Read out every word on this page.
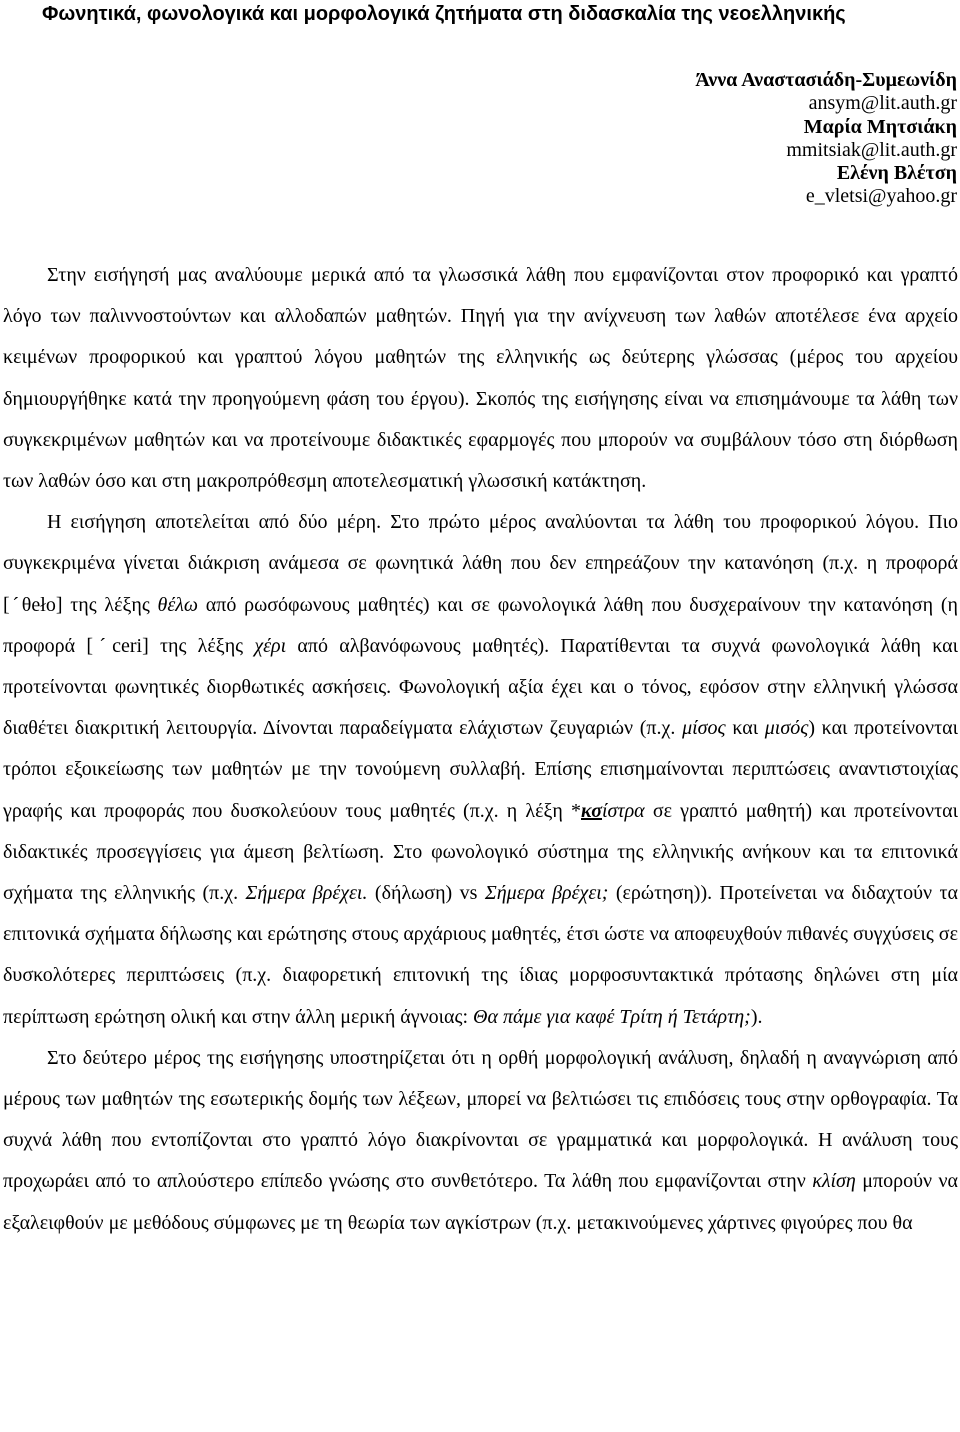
Φωνητικά, φωνολογικά και μορφολογικά ζητήματα στη διδασκαλία της νεοελληνικής
Άννα Αναστασιάδη-Συμεωνίδη
ansym@lit.auth.gr
Μαρία Μητσιάκη
mmitsiak@lit.auth.gr
Ελένη Βλέτση
e_vletsi@yahoo.gr

Στην εισήγησή μας αναλύουμε μερικά από τα γλωσσικά λάθη που εμφανίζονται στον προφορικό και γραπτό λόγο των παλιννοστούντων και αλλοδαπών μαθητών. Πηγή για την ανίχνευση των λαθών αποτέλεσε ένα αρχείο κειμένων προφορικού και γραπτού λόγου μαθητών της ελληνικής ως δεύτερης γλώσσας (μέρος του αρχείου δημιουργήθηκε κατά την προηγούμενη φάση του έργου). Σκοπός της εισήγησης είναι να επισημάνουμε τα λάθη των συγκεκριμένων μαθητών και να προτείνουμε διδακτικές εφαρμογές που μπορούν να συμβάλουν τόσο στη διόρθωση των λαθών όσο και στη μακροπρόθεσμη αποτελεσματική γλωσσική κατάκτηση.

Η εισήγηση αποτελείται από δύο μέρη. Στο πρώτο μέρος αναλύονται τα λάθη του προφορικού λόγου. Πιο συγκεκριμένα γίνεται διάκριση ανάμεσα σε φωνητικά λάθη που δεν επηρεάζουν την κατανόηση (π.χ. η προφορά [ˊθełο] της λέξης θέλω από ρωσόφωνους μαθητές) και σε φωνολογικά λάθη που δυσχεραίνουν την κατανόηση (η προφορά [ˊceri] της λέξης χέρι από αλβανόφωνους μαθητές). Παρατίθενται τα συχνά φωνολογικά λάθη και προτείνονται φωνητικές διορθωτικές ασκήσεις. Φωνολογική αξία έχει και ο τόνος, εφόσον στην ελληνική γλώσσα διαθέτει διακριτική λειτουργία. Δίνονται παραδείγματα ελάχιστων ζευγαριών (π.χ. μίσος και μισός) και προτείνονται τρόποι εξοικείωσης των μαθητών με την τονούμενη συλλαβή. Επίσης επισημαίνονται περιπτώσεις αναντιστοιχίας γραφής και προφοράς που δυσκολεύουν τους μαθητές (π.χ. η λέξη *κσίστρα σε γραπτό μαθητή) και προτείνονται διδακτικές προσεγγίσεις για άμεση βελτίωση. Στο φωνολογικό σύστημα της ελληνικής ανήκουν και τα επιτονικά σχήματα της ελληνικής (π.χ. Σήμερα βρέχει. (δήλωση) vs Σήμερα βρέχει; (ερώτηση)). Προτείνεται να διδαχτούν τα επιτονικά σχήματα δήλωσης και ερώτησης στους αρχάριους μαθητές, έτσι ώστε να αποφευχθούν πιθανές συγχύσεις σε δυσκολότερες περιπτώσεις (π.χ. διαφορετική επιτονική της ίδιας μορφοσυντακτικά πρότασης δηλώνει στη μία περίπτωση ερώτηση ολική και στην άλλη μερική άγνοιας: Θα πάμε για καφέ Τρίτη ή Τετάρτη;).

Στο δεύτερο μέρος της εισήγησης υποστηρίζεται ότι η ορθή μορφολογική ανάλυση, δηλαδή η αναγνώριση από μέρους των μαθητών της εσωτερικής δομής των λέξεων, μπορεί να βελτιώσει τις επιδόσεις τους στην ορθογραφία. Τα συχνά λάθη που εντοπίζονται στο γραπτό λόγο διακρίνονται σε γραμματικά και μορφολογικά. Η ανάλυση τους προχωράει από το απλούστερο επίπεδο γνώσης στο συνθετότερο. Τα λάθη που εμφανίζονται στην κλίση μπορούν να εξαλειφθούν με μεθόδους σύμφωνες με τη θεωρία των αγκίστρων (π.χ. μετακινούμενες χάρτινες φιγούρες που θα
